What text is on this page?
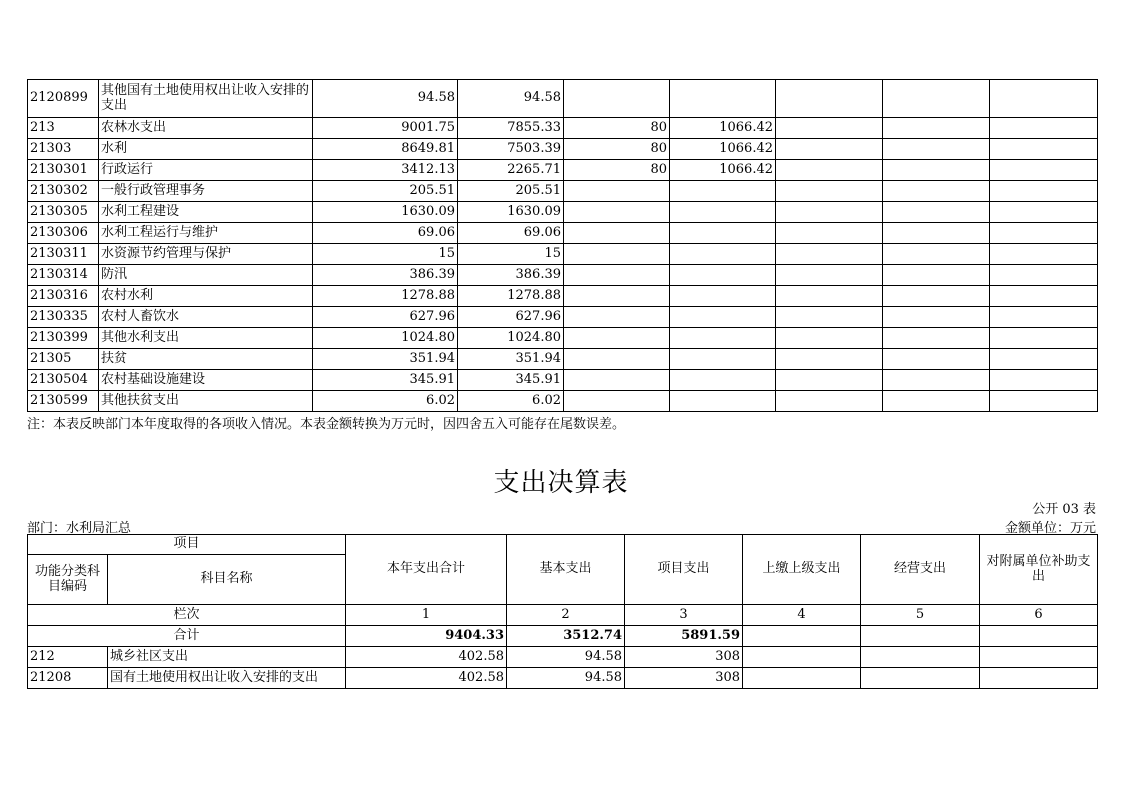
2120899	其他国有土地使用权出让收入安排的支出	94.58	94.58					
213	农林水支出	9001.75	7855.33	80	1066.42			
21303	水利	8649.81	7503.39	80	1066.42			
2130301	行政运行	3412.13	2265.71	80	1066.42			
2130302	一般行政管理事务	205.51	205.51					
2130305	水利工程建设	1630.09	1630.09					
2130306	水利工程运行与维护	69.06	69.06					
2130311	水资源节约管理与保护	15	15					
2130314	防汛	386.39	386.39					
2130316	农村水利	1278.88	1278.88					
2130335	农村人畜饮水	627.96	627.96					
2130399	其他水利支出	1024.80	1024.80					
21305	扶贫	351.94	351.94					
2130504	农村基础设施建设	345.91	345.91					
2130599	其他扶贫支出	6.02	6.02					
注：本表反映部门本年度取得的各项收入情况。本表金额转换为万元时，因四舍五入可能存在尾数误差。
支出决算表
公开 03 表
部门：水利局汇总	金额单位：万元
项目		本年支出合计	基本支出	项目支出	上缴上级支出	经营支出	对附属单位补助支出
功能分类科目编码	科目名称						
栏次		1	2	3	4	5	6
合计		9404.33	3512.74	5891.59			
212	城乡社区支出	402.58	94.58	308			
21208	国有土地使用权出让收入安排的支出	402.58	94.58	308			
